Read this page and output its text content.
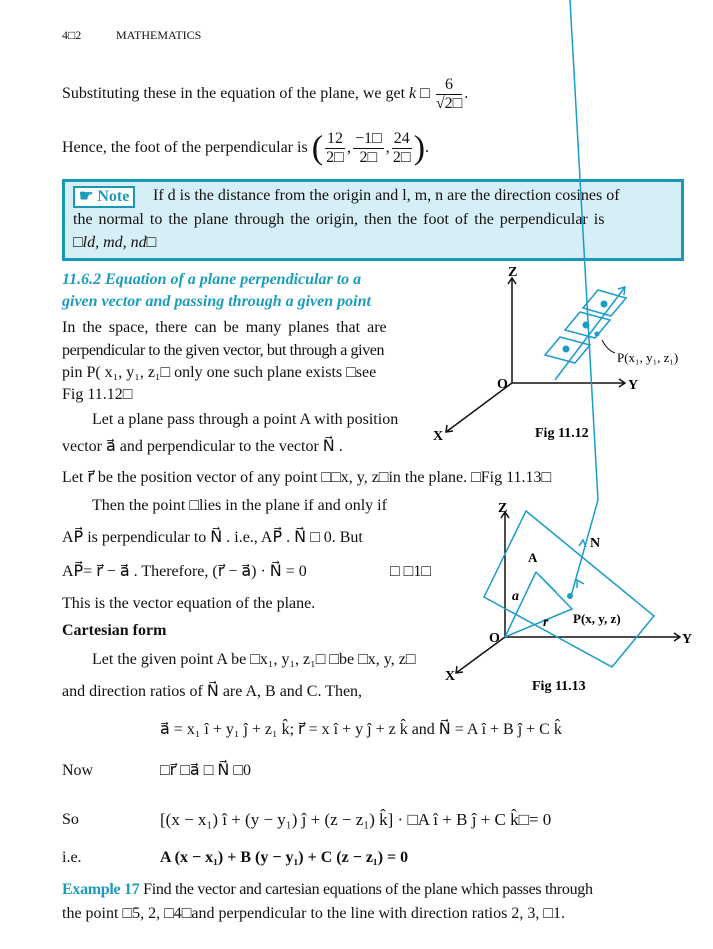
4□2	MATHEMATICS
Substituting these in the equation of the plane, we get k □ $\frac{6}{√2□}$ .
Hence, the foot of the perpendicular is ( $\frac{12}{2□}$ , $\frac{-1□}{2□}$ , $\frac{24}{2□}$ ).
☛ Note	If d is the distance from the origin and l, m, n are the direction cosines of
the normal to the plane through the origin, then the foot of the perpendicular is
□ld, md, nd□
11.6.2 Equation of a plane perpendicular to a
given vector and passing through a given point
In the space, there can be many planes that are
perpendicular to the given vector, but through a given
pin P( x₁, y₁, z₁□ only one such plane exists □see
Fig 11.12□
Let a plane pass through a point A with position
vector a⃗ and perpendicular to the vector N⃗ .
Let r⃗ be the position vector of any point □□x, y, z□in the plane. □Fig 11.13□
Then the point □lies in the plane if and only if
AP⃗ is perpendicular to N⃗ . i.e., AP⃗ . N⃗ □ 0. But
AP⃗= r⃗ − a⃗ . Therefore, (r⃗ − a⃗) · N⃗ = 0	□ □1□
This is the vector equation of the plane.
Cartesian form
Let the given point A be □x₁, y₁, z₁□ □be □x, y, z□
and direction ratios of N⃗ are A, B and C. Then,
a⃗ = x₁ î + y₁ ĵ + z₁ k̂; r⃗ = x î + y ĵ + z k̂ and N⃗ = A î + B ĵ + C k̂
Now	□r⃗ □a⃗ □ N⃗ □0
So	[(x − x₁) î + (y − y₁) ĵ + (z − z₁) k̂] · □A î + B ĵ + C k̂□= 0
i.e.	A (x − x₁) + B (y − y₁) + C (z − z₁) = 0
Example 17 Find the vector and cartesian equations of the plane which passes through
the point □5, 2, □4□and perpendicular to the line with direction ratios 2, 3, □1.
Z
O	Y
X
P(x₁, y₁, z₁)
Fig 11.12
Z
O	Y
X
A
N⃗
a⃗
r⃗ P(x, y, z)
Fig 11.13
